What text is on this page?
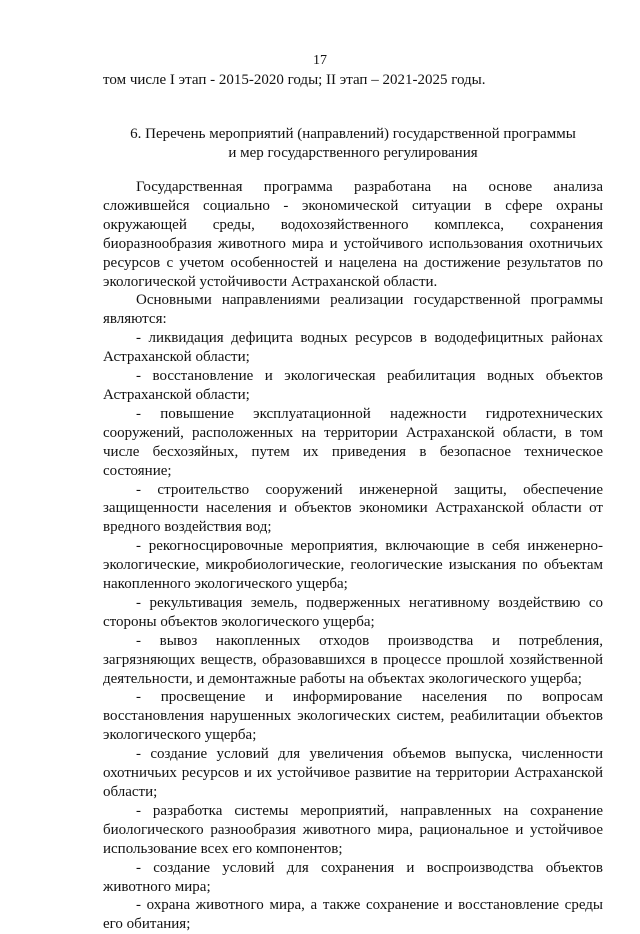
17
том числе I этап - 2015-2020 годы; II этап – 2021-2025 годы.
6. Перечень мероприятий (направлений) государственной программы
и мер государственного регулирования

Государственная программа разработана на основе анализа сложившейся социально - экономической ситуации в сфере охраны окружающей среды, водохозяйственного комплекса, сохранения биоразнообразия животного мира и устойчивого использования охотничьих ресурсов с учетом особенностей и нацелена на достижение результатов по экологической устойчивости Астраханской области.

Основными направлениями реализации государственной программы являются:

- ликвидация дефицита водных ресурсов в вододефицитных районах Астраханской области;

- восстановление и экологическая реабилитация водных объектов Астраханской области;

- повышение эксплуатационной надежности гидротехнических сооружений, расположенных на территории Астраханской области, в том числе бесхозяйных, путем их приведения в безопасное техническое состояние;

- строительство сооружений инженерной защиты, обеспечение защищенности населения и объектов экономики Астраханской области от вредного воздействия вод;

- рекогносцировочные мероприятия, включающие в себя инженерно-экологические, микробиологические, геологические изыскания по объектам накопленного экологического ущерба;

- рекультивация земель, подверженных негативному воздействию со стороны объектов экологического ущерба;

- вывоз накопленных отходов производства и потребления, загрязняющих веществ, образовавшихся в процессе прошлой хозяйственной деятельности, и демонтажные работы на объектах экологического ущерба;

- просвещение и информирование населения по вопросам восстановления нарушенных экологических систем, реабилитации объектов экологического ущерба;

- создание условий для увеличения объемов выпуска, численности охотничьих ресурсов и их устойчивое развитие на территории Астраханской области;

- разработка системы мероприятий, направленных на сохранение биологического разнообразия животного мира, рациональное и устойчивое использование всех его компонентов;

- создание условий для сохранения и воспроизводства объектов животного мира;

- охрана животного мира, а также сохранение и восстановление среды его обитания;
